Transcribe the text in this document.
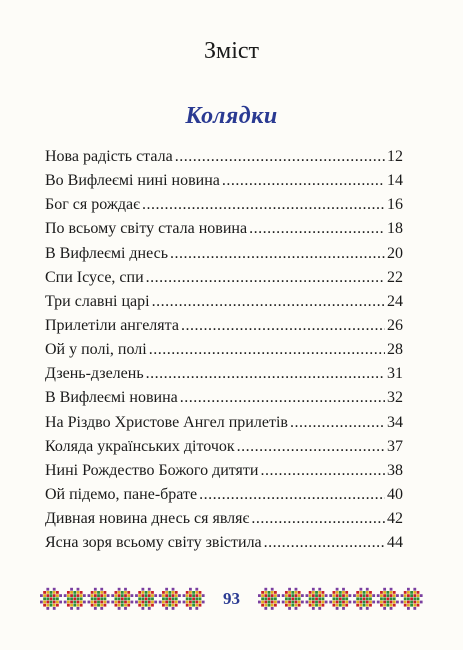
Зміст
Колядки
Нова радість стала .....	12
Во Вифлеємі нині новина .....	14
Бог ся рождає .....	16
По всьому світу стала новина .....	18
В Вифлеємі днесь .....	20
Спи Ісусе, спи .....	22
Три славні царі .....	24
Прилетіли ангелята .....	26
Ой у полі, полі .....	28
Дзень-дзелень .....	31
В Вифлеємі новина .....	32
На Різдво Христове Ангел прилетів .....	34
Коляда українських діточок .....	37
Нині Рождество Божого дитяти .....	38
Ой підемо, пане-брате .....	40
Дивная новина днесь ся являє .....	42
Ясна зоря всьому світу звістила .....	44
93
